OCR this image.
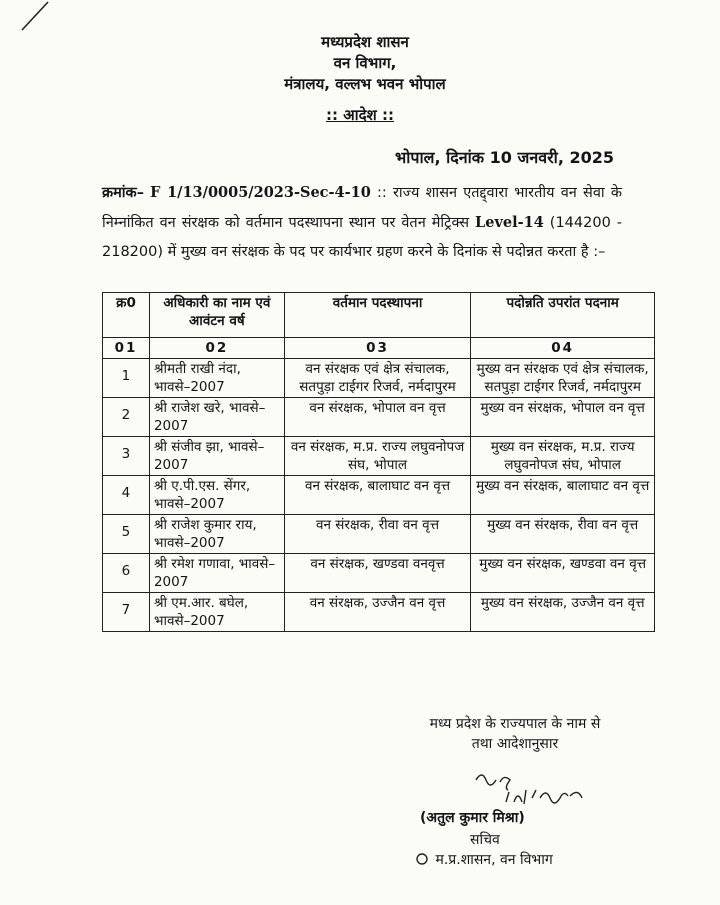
मध्यप्रदेश शासन
वन विभाग,
मंत्रालय, वल्लभ भवन भोपाल
:: आदेश ::
भोपाल, दिनांक 10 जनवरी, 2025
क्रमांक– F 1/13/0005/2023-Sec-4-10 :: राज्य शासन एतद्द्वारा भारतीय वन सेवा के निम्नांकित वन संरक्षक को वर्तमान पदस्थापना स्थान पर वेतन मेट्रिक्स Level-14 (144200 - 218200) में मुख्य वन संरक्षक के पद पर कार्यभार ग्रहण करने के दिनांक से पदोन्नत करता है :–
क्र0	अधिकारी का नाम एवं आवंटन वर्ष	वर्तमान पदस्थापना	पदोन्नति उपरांत पदनाम
01	02	03	04
1	श्रीमती राखी नंदा, भावसे–2007	वन संरक्षक एवं क्षेत्र संचालक, सतपुड़ा टाईगर रिजर्व, नर्मदापुरम	मुख्य वन संरक्षक एवं क्षेत्र संचालक, सतपुड़ा टाईगर रिजर्व, नर्मदापुरम
2	श्री राजेश खरे, भावसे–2007	वन संरक्षक, भोपाल वन वृत्त	मुख्य वन संरक्षक, भोपाल वन वृत्त
3	श्री संजीव झा, भावसे–2007	वन संरक्षक, म.प्र. राज्य लघुवनोपज संघ, भोपाल	मुख्य वन संरक्षक, म.प्र. राज्य लघुवनोपज संघ, भोपाल
4	श्री ए.पी.एस. सेंगर, भावसे–2007	वन संरक्षक, बालाघाट वन वृत्त	मुख्य वन संरक्षक, बालाघाट वन वृत्त
5	श्री राजेश कुमार राय, भावसे–2007	वन संरक्षक, रीवा वन वृत्त	मुख्य वन संरक्षक, रीवा वन वृत्त
6	श्री रमेश गणावा, भावसे–2007	वन संरक्षक, खण्डवा वनवृत्त	मुख्य वन संरक्षक, खण्डवा वन वृत्त
7	श्री एम.आर. बघेल, भावसे–2007	वन संरक्षक, उज्जैन वन वृत्त	मुख्य वन संरक्षक, उज्जैन वन वृत्त
मध्य प्रदेश के राज्यपाल के नाम से
तथा आदेशानुसार
(अतुल कुमार मिश्रा)
सचिव
म.प्र.शासन, वन विभाग
